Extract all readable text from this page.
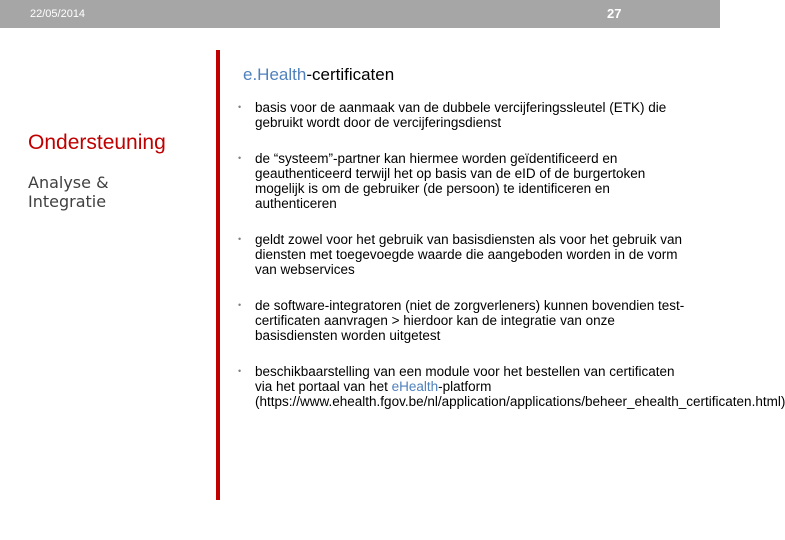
22/05/2014	27
Ondersteuning
Analyse & Integratie
e.Health-certificaten
• basis voor de aanmaak van de dubbele vercijferingssleutel (ETK) die gebruikt wordt door de vercijferingsdienst
• de “systeem”-partner kan hiermee worden geïdentificeerd en geauthenticeerd terwijl het op basis van de eID of de burgertoken mogelijk is om de gebruiker (de persoon) te identificeren en authenticeren
• geldt zowel voor het gebruik van basisdiensten als voor het gebruik van diensten met toegevoegde waarde die aangeboden worden in de vorm van webservices
• de software-integratoren (niet de zorgverleners) kunnen bovendien test-certificaten aanvragen > hierdoor kan de integratie van onze basisdiensten worden uitgetest
• beschikbaarstelling van een module voor het bestellen van certificaten via het portaal van het eHealth-platform (https://www.ehealth.fgov.be/nl/application/applications/beheer_ehealth_certificaten.html)
